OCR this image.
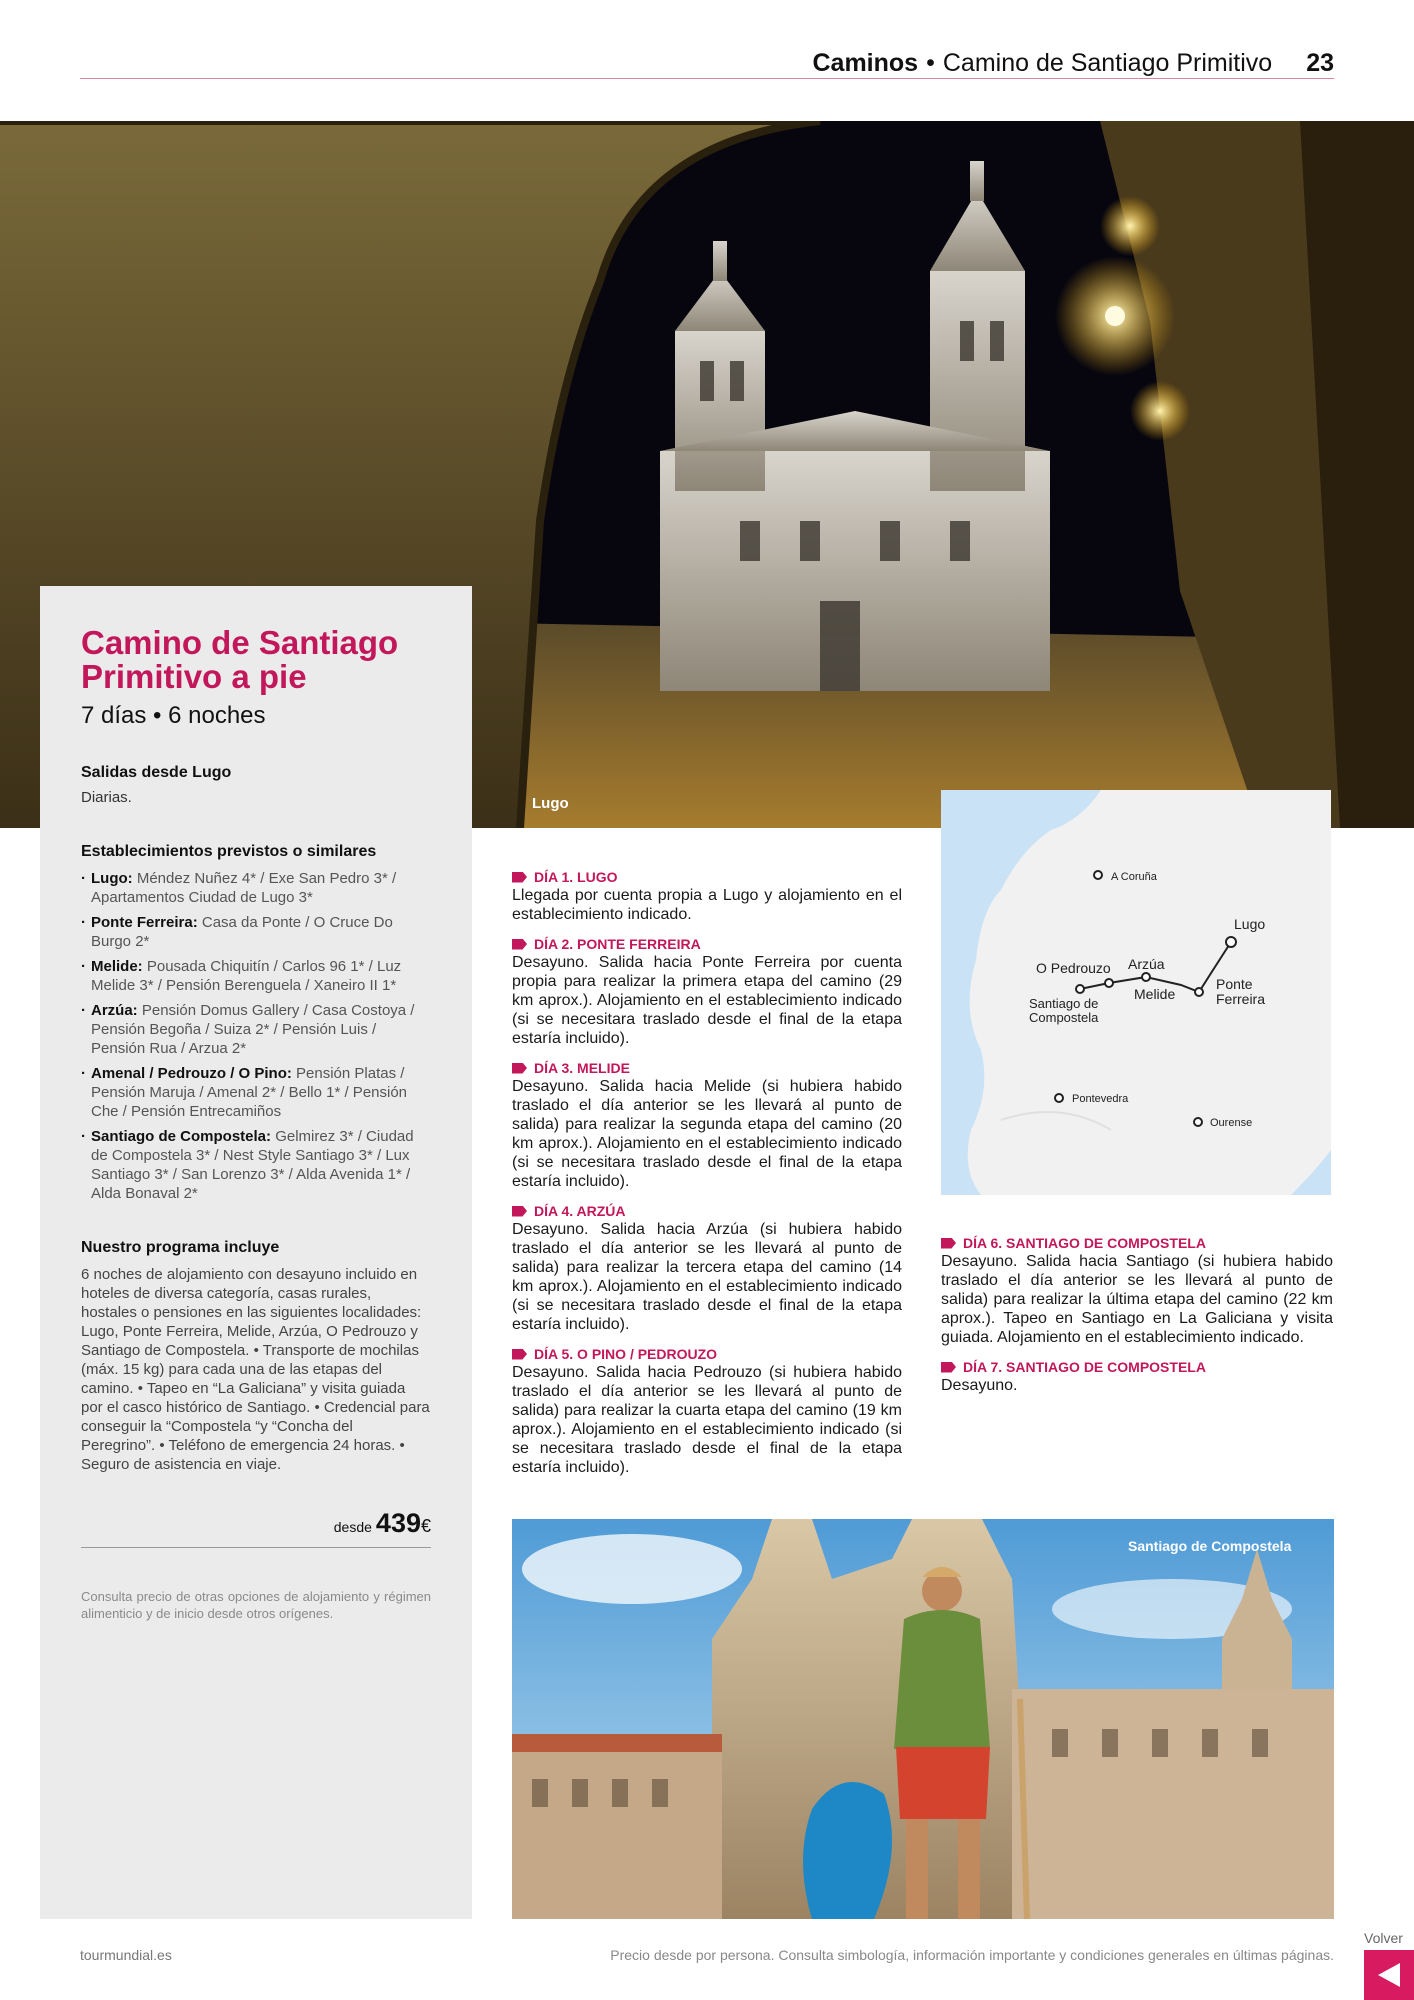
Caminos • Camino de Santiago Primitivo 23
Lugo
Camino de Santiago Primitivo a pie
7 días • 6 noches
Salidas desde Lugo

Diarias.

Establecimientos previstos o similares
· Lugo: Méndez Nuñez 4* / Exe San Pedro 3* / Apartamentos Ciudad de Lugo 3*
· Ponte Ferreira: Casa da Ponte / O Cruce Do Burgo 2*
· Melide: Pousada Chiquitín / Carlos 96 1* / Luz Melide 3* / Pensión Berenguela / Xaneiro II 1*
· Arzúa: Pensión Domus Gallery / Casa Costoya / Pensión Begoña / Suiza 2* / Pensión Luis / Pensión Rua / Arzua 2*
· Amenal / Pedrouzo / O Pino: Pensión Platas / Pensión Maruja / Amenal 2* / Bello 1* / Pensión Che / Pensión Entrecamiños
· Santiago de Compostela: Gelmirez 3* / Ciudad de Compostela 3* / Nest Style Santiago 3* / Lux Santiago 3* / San Lorenzo 3* / Alda Avenida 1* / Alda Bonaval 2*
Nuestro programa incluye

6 noches de alojamiento con desayuno incluido en hoteles de diversa categoría, casas rurales, hostales o pensiones en las siguientes localidades: Lugo, Ponte Ferreira, Melide, Arzúa, O Pedrouzo y Santiago de Compostela. • Transporte de mochilas (máx. 15 kg) para cada una de las etapas del camino. • Tapeo en “La Galiciana” y visita guiada por el casco histórico de Santiago. • Credencial para conseguir la “Compostela “y “Concha del Peregrino”. • Teléfono de emergencia 24 horas. • Seguro de asistencia en viaje.

desde 439 €

Consulta precio de otras opciones de alojamiento y régimen alimenticio y de inicio desde otros orígenes.

DÍA 1. LUGO
Llegada por cuenta propia a Lugo y alojamiento en el establecimiento indicado.
DÍA 2. PONTE FERREIRA
Desayuno. Salida hacia Ponte Ferreira por cuenta propia para realizar la primera etapa del camino (29 km aprox.). Alojamiento en el establecimiento indicado (si se necesitara traslado desde el final de la etapa estaría incluido).
DÍA 3. MELIDE
Desayuno. Salida hacia Melide (si hubiera habido traslado el día anterior se les llevará al punto de salida) para realizar la segunda etapa del camino (20 km aprox.). Alojamiento en el establecimiento indicado (si se necesitara traslado desde el final de la etapa estaría incluido).
DÍA 4. ARZÚA
Desayuno. Salida hacia Arzúa (si hubiera habido traslado el día anterior se les llevará al punto de salida) para realizar la tercera etapa del camino (14 km aprox.). Alojamiento en el establecimiento indicado (si se necesitara traslado desde el final de la etapa estaría incluido).
DÍA 5. O PINO / PEDROUZO
Desayuno. Salida hacia Pedrouzo (si hubiera habido traslado el día anterior se les llevará al punto de salida) para realizar la cuarta etapa del camino (19 km aprox.). Alojamiento en el establecimiento indicado (si se necesitara traslado desde el final de la etapa estaría incluido).
A Coruña
Lugo
O Pedrouzo Arzúa
Melide
Ponte
Ferreira
Santiago de
Compostela
Pontevedra
Ourense
DÍA 6. SANTIAGO DE COMPOSTELA
Desayuno. Salida hacia Santiago (si hubiera habido traslado el día anterior se les llevará al punto de salida) para realizar la última etapa del camino (22 km aprox.). Tapeo en Santiago en La Galiciana y visita guiada. Alojamiento en el establecimiento indicado.
DÍA 7. SANTIAGO DE COMPOSTELA
Desayuno.
Santiago de Compostela
tourmundial.es	Precio desde por persona. Consulta simbología, información importante y condiciones generales en últimas páginas.
Volver
